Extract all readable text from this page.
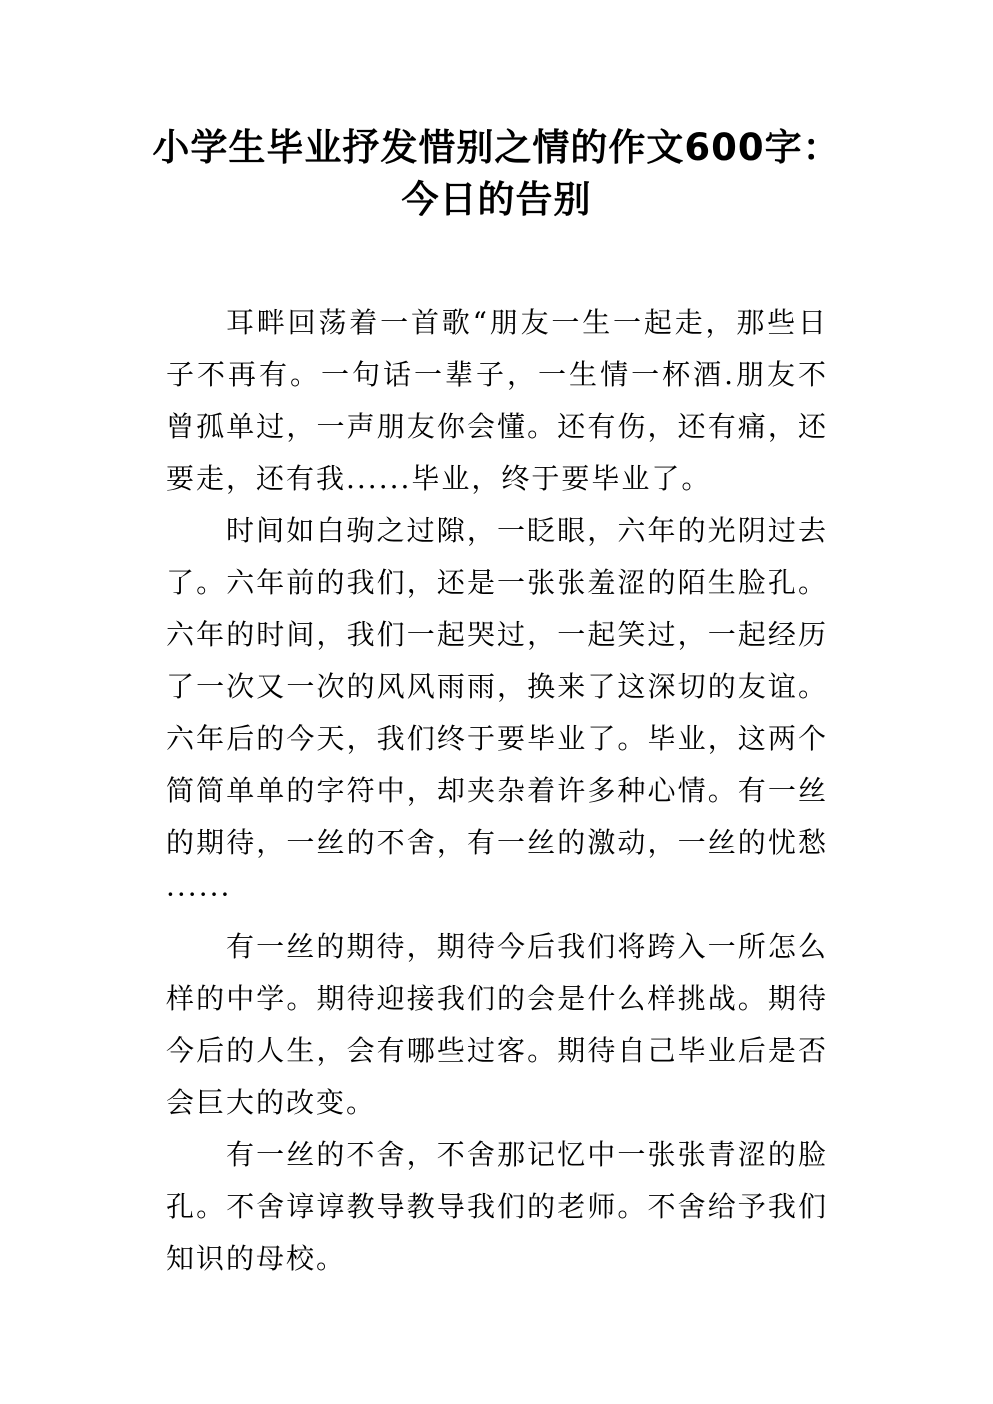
小学生毕业抒发惜别之情的作文600字：今日的告别

耳畔回荡着一首歌“朋友一生一起走，那些日子不再有。一句话一辈子，一生情一杯酒.朋友不曾孤单过，一声朋友你会懂。还有伤，还有痛，还要走，还有我......毕业，终于要毕业了。

时间如白驹之过隙，一眨眼，六年的光阴过去了。六年前的我们，还是一张张羞涩的陌生脸孔。六年的时间，我们一起哭过，一起笑过，一起经历了一次又一次的风风雨雨，换来了这深切的友谊。六年后的今天，我们终于要毕业了。毕业，这两个简简单单的字符中，却夹杂着许多种心情。有一丝的期待，一丝的不舍，有一丝的激动，一丝的忧愁······

有一丝的期待，期待今后我们将跨入一所怎么样的中学。期待迎接我们的会是什么样挑战。期待今后的人生，会有哪些过客。期待自己毕业后是否会巨大的改变。

有一丝的不舍，不舍那记忆中一张张青涩的脸孔。不舍谆谆教导教导我们的老师。不舍给予我们知识的母校。
